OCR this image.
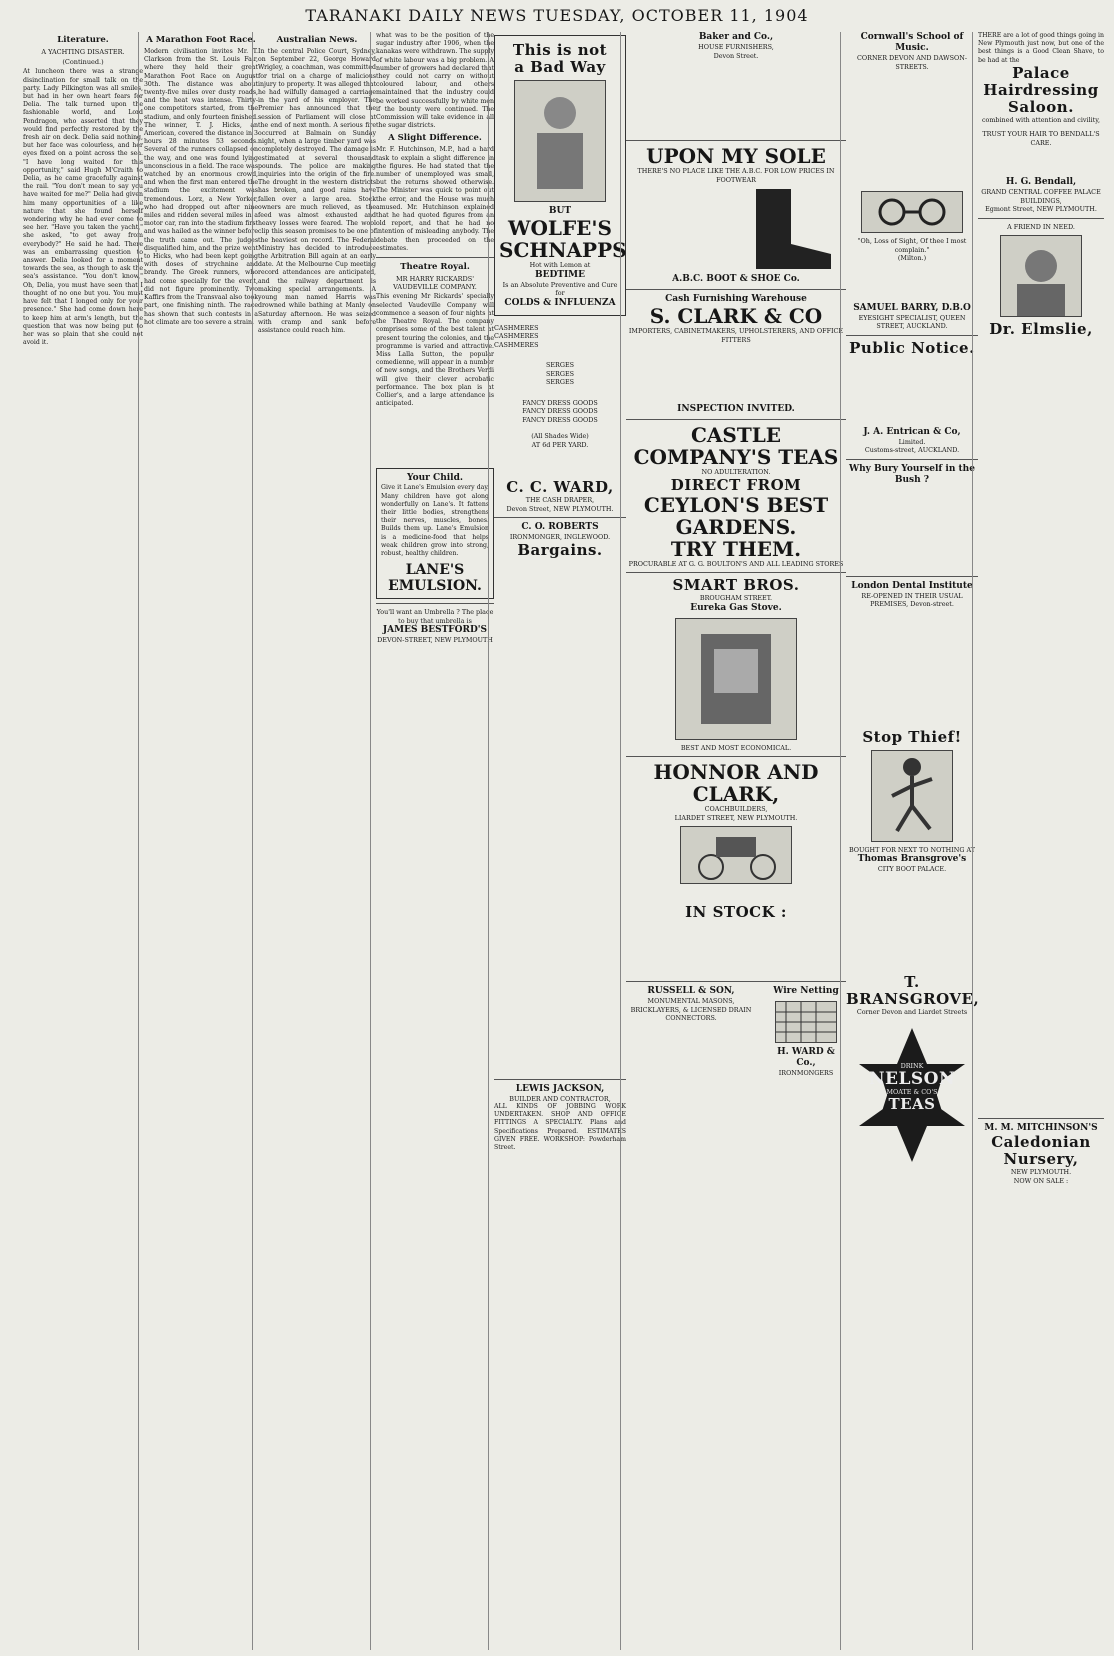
TARANAKI DAILY NEWS TUESDAY, OCTOBER 11, 1904
Literature.
A YACHTING DISASTER.
(Continued.)
At luncheon there was a strange disinclination for small talk on the party. Lady Pilkington was all smiles, but had in her own heart fears for Delia. The talk turned upon the fashionable world, and Lord Pendragon, who asserted that they would find perfectly restored by the fresh air on deck. Delia said nothing, but her face was colourless, and her eyes fixed on a point across the sea. "I have long waited for this opportunity," said Hugh M'Craith to Delia, as he came gracefully against the rail. "You don't mean to say you have waited for me?" Delia had given him many opportunities of a like nature that she found herself wondering why he had ever come to see her. "Have you taken the yacht," she asked, "to get away from everybody?" He said he had. There was an embarrassing question to answer. Delia looked for a moment towards the sea, as though to ask the sea's assistance. "You don't know," Oh, Delia, you must have seen that I thought of no one but you. You must have felt that I longed only for your presence." She had come down here to keep him at arm's length, but the question that was now being put to her was so plain that she could not avoid it.
A Marathon Foot Race.
Modern civilisation invites Mr. T. Clarkson from the St. Louis Fair, where they held their great Marathon Foot Race on August 30th. The distance was about twenty-five miles over dusty roads, and the heat was intense. Thirty-one competitors started, from the stadium, and only fourteen finished. The winner, T. J. Hicks, an American, covered the distance in 3 hours 28 minutes 53 seconds. Several of the runners collapsed on the way, and one was found lying unconscious in a field. The race was watched by an enormous crowd, and when the first man entered the stadium the excitement was tremendous. Lorz, a New Yorker, who had dropped out after nine miles and ridden several miles in a motor car, ran into the stadium first and was hailed as the winner before the truth came out. The judges disqualified him, and the prize went to Hicks, who had been kept going with doses of strychnine and brandy. The Greek runners, who had come specially for the event, did not figure prominently. Two Kaffirs from the Transvaal also took part, one finishing ninth. The race has shown that such contests in a hot climate are too severe a strain.
Australian News.
In the central Police Court, Sydney, on September 22, George Howard Wrigley, a coachman, was committed for trial on a charge of malicious injury to property. It was alleged that he had wilfully damaged a carriage in the yard of his employer. The Premier has announced that the session of Parliament will close at the end of next month. A serious fire occurred at Balmain on Sunday night, when a large timber yard was completely destroyed. The damage is estimated at several thousand pounds. The police are making inquiries into the origin of the fire. The drought in the western districts has broken, and good rains have fallen over a large area. Stock owners are much relieved, as the feed was almost exhausted and heavy losses were feared. The wool clip this season promises to be one of the heaviest on record. The Federal Ministry has decided to introduce the Arbitration Bill again at an early date. At the Melbourne Cup meeting record attendances are anticipated, and the railway department is making special arrangements. A young man named Harris was drowned while bathing at Manly on Saturday afternoon. He was seized with cramp and sank before assistance could reach him.
what was to be the position of the sugar industry after 1906, when the kanakas were withdrawn. The supply of white labour was a big problem. A number of growers had declared that they could not carry on without coloured labour, and others maintained that the industry could be worked successfully by white men if the bounty were continued. The Commission will take evidence in all the sugar districts.
A Slight Difference.
Mr. F. Hutchinson, M.P., had a hard task to explain a slight difference in the figures. He had stated that the number of unemployed was small, but the returns showed otherwise. The Minister was quick to point out the error, and the House was much amused. Mr. Hutchinson explained that he had quoted figures from an old report, and that he had no intention of misleading anybody. The debate then proceeded on the estimates.
Theatre Royal.
MR HARRY RICKARDS' VAUDEVILLE COMPANY.
This evening Mr Rickards' specially selected Vaudeville Company will commence a season of four nights at the Theatre Royal. The company comprises some of the best talent at present touring the colonies, and the programme is varied and attractive. Miss Lalla Sutton, the popular comedienne, will appear in a number of new songs, and the Brothers Verdi will give their clever acrobatic performance. The box plan is at Collier's, and a large attendance is anticipated.
Your Child.
Give it Lane's Emulsion every day. Many children have got along wonderfully on Lane's. It fattens their little bodies, strengthens their nerves, muscles, bones. Builds them up. Lane's Emulsion is a medicine-food that helps weak children grow into strong, robust, healthy children.
LANE'S EMULSION.
You'll want an Umbrella ? The place to buy that umbrella is
JAMES BESTFORD'S
DEVON-STREET, NEW PLYMOUTH
This is not
a Bad Way
BUT
WOLFE'S SCHNAPPS
Hot with Lemon at
BEDTIME
Is an Absolute Preventive and Cure for
COLDS & INFLUENZA
CASHMERES
CASHMERES
CASHMERES
SERGES
SERGES
SERGES
FANCY DRESS GOODS
FANCY DRESS GOODS
FANCY DRESS GOODS
(All Shades Wide)
AT 6d PER YARD.
C. C. WARD,
THE CASH DRAPER,
Devon Street, NEW PLYMOUTH.
C. O. ROBERTS
IRONMONGER, INGLEWOOD.
Bargains.
LEWIS JACKSON,
BUILDER AND CONTRACTOR,
ALL KINDS OF JOBBING WORK UNDERTAKEN. SHOP AND OFFICE FITTINGS A SPECIALTY. Plans and Specifications Prepared. ESTIMATES GIVEN FREE. WORKSHOP: Powderham Street.
Baker and Co.,
HOUSE FURNISHERS,
Devon Street.
UPON MY SOLE
THERE'S NO PLACE LIKE THE A.B.C. FOR LOW PRICES IN FOOTWEAR
A.B.C. BOOT & SHOE Co.
Cash Furnishing Warehouse
S. CLARK & CO
IMPORTERS, CABINETMAKERS, UPHOLSTERERS, AND OFFICE FITTERS
INSPECTION INVITED.
CASTLE COMPANY'S TEAS
NO ADULTERATION.
DIRECT FROM
CEYLON'S BEST GARDENS.
TRY THEM.
PROCURABLE AT G. G. BOULTON'S AND ALL LEADING STORES
SMART BROS.
BROUGHAM STREET.
Eureka Gas Stove.
BEST AND MOST ECONOMICAL.
HONNOR AND CLARK,
COACHBUILDERS,
LIARDET STREET, NEW PLYMOUTH.
IN STOCK :
RUSSELL & SON,
MONUMENTAL MASONS, BRICKLAYERS, & LICENSED DRAIN CONNECTORS.
Wire Netting
H. WARD & Co.,
IRONMONGERS
Cornwall's School of Music.
CORNER DEVON AND DAWSON-STREETS.
"Oh, Loss of Sight, Of thee I most complain."
(Milton.)
SAMUEL BARRY, D.B.O
EYESIGHT SPECIALIST, QUEEN STREET, AUCKLAND.
Public Notice.
J. A. Entrican & Co,
Limited.
Customs-street, AUCKLAND.
Why Bury Yourself in the Bush ?
London Dental Institute
RE-OPENED IN THEIR USUAL PREMISES, Devon-street.
Stop Thief!
BOUGHT FOR NEXT TO NOTHING AT
Thomas Bransgrove's
CITY BOOT PALACE.
T. BRANSGROVE,
Corner Devon and Liardet Streets
DRINK
NELSON
MOATE & CO'S
TEAS
THERE are a lot of good things going in New Plymouth just now, but one of the best things is a Good Clean Shave, to be had at the
Palace Hairdressing Saloon.
combined with attention and civility,
TRUST YOUR HAIR TO BENDALL'S CARE.
H. G. Bendall,
GRAND CENTRAL COFFEE PALACE BUILDINGS,
Egmont Street, NEW PLYMOUTH.
A FRIEND IN NEED.
Dr. Elmslie,
M. M. MITCHINSON'S
Caledonian Nursery,
NEW PLYMOUTH.
NOW ON SALE :
